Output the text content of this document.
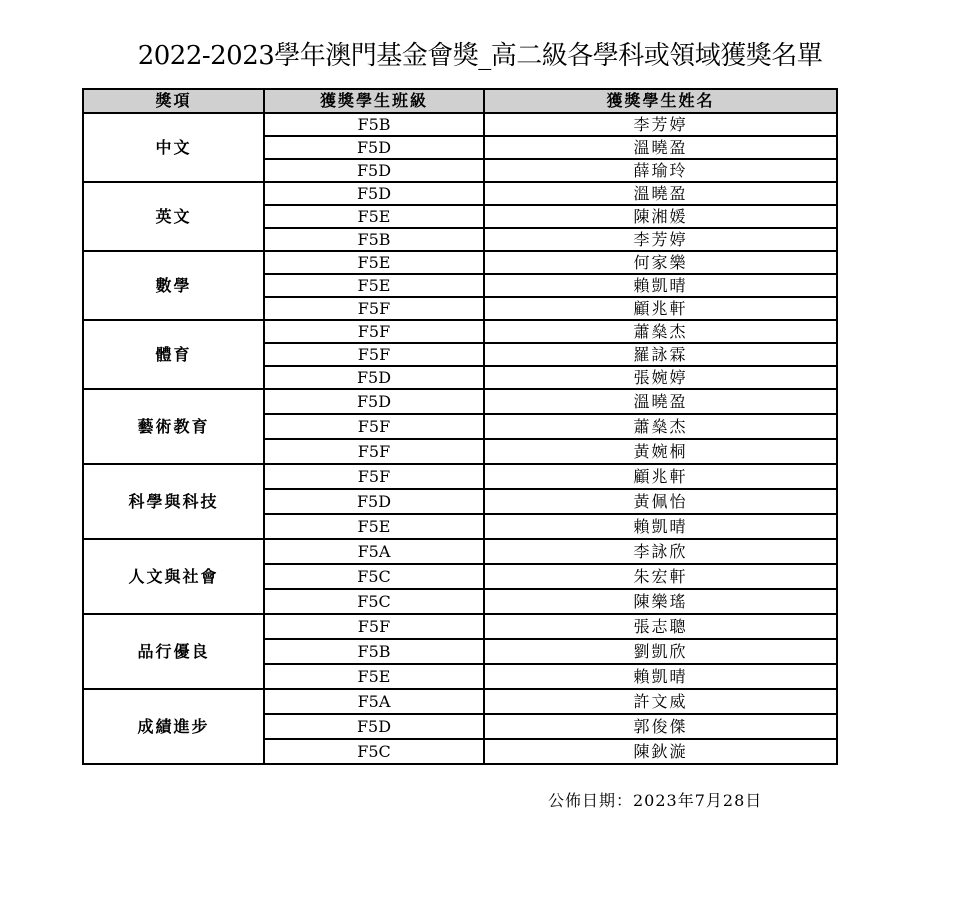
2022-2023學年澳門基金會獎_高二級各學科或領域獲獎名單
獎項	獲獎學生班級	獲獎學生姓名
中文	F5B	李芳婷
	F5D	溫曉盈
	F5D	薛瑜玲
英文	F5D	溫曉盈
	F5E	陳湘媛
	F5B	李芳婷
數學	F5E	何家樂
	F5E	賴凱晴
	F5F	顧兆軒
體育	F5F	蕭燊杰
	F5F	羅詠霖
	F5D	張婉婷
藝術教育	F5D	溫曉盈
	F5F	蕭燊杰
	F5F	黃婉桐
科學與科技	F5F	顧兆軒
	F5D	黃佩怡
	F5E	賴凱晴
人文與社會	F5A	李詠欣
	F5C	朱宏軒
	F5C	陳樂瑤
品行優良	F5F	張志聰
	F5B	劉凱欣
	F5E	賴凱晴
成績進步	F5A	許文威
	F5D	郭俊傑
	F5C	陳鈥漩
公佈日期：2023年7月28日
